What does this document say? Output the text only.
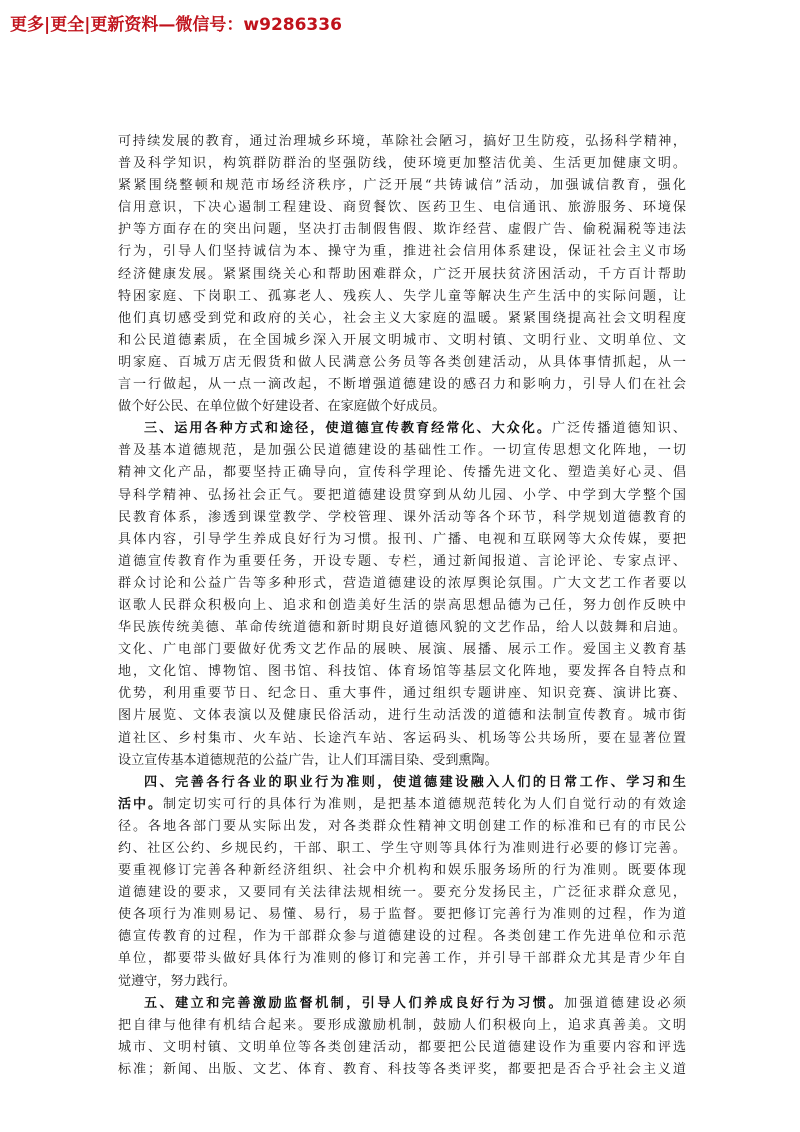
更多|更全|更新资料—微信号：w9286336
可持续发展的教育，通过治理城乡环境，革除社会陋习，搞好卫生防疫，弘扬科学精神，
普及科学知识，构筑群防群治的坚强防线，使环境更加整洁优美、生活更加健康文明。
紧紧围绕整顿和规范市场经济秩序，广泛开展“共铸诚信”活动，加强诚信教育，强化
信用意识，下决心遏制工程建设、商贸餐饮、医药卫生、电信通讯、旅游服务、环境保
护等方面存在的突出问题，坚决打击制假售假、欺诈经营、虚假广告、偷税漏税等违法
行为，引导人们坚持诚信为本、操守为重，推进社会信用体系建设，保证社会主义市场
经济健康发展。紧紧围绕关心和帮助困难群众，广泛开展扶贫济困活动，千方百计帮助
特困家庭、下岗职工、孤寡老人、残疾人、失学儿童等解决生产生活中的实际问题，让
他们真切感受到党和政府的关心，社会主义大家庭的温暖。紧紧围绕提高社会文明程度
和公民道德素质，在全国城乡深入开展文明城市、文明村镇、文明行业、文明单位、文
明家庭、百城万店无假货和做人民满意公务员等各类创建活动，从具体事情抓起，从一
言一行做起，从一点一滴改起，不断增强道德建设的感召力和影响力，引导人们在社会
做个好公民、在单位做个好建设者、在家庭做个好成员。
三、运用各种方式和途径，使道德宣传教育经常化、大众化。广泛传播道德知识、
普及基本道德规范，是加强公民道德建设的基础性工作。一切宣传思想文化阵地，一切
精神文化产品，都要坚持正确导向，宣传科学理论、传播先进文化、塑造美好心灵、倡
导科学精神、弘扬社会正气。要把道德建设贯穿到从幼儿园、小学、中学到大学整个国
民教育体系，渗透到课堂教学、学校管理、课外活动等各个环节，科学规划道德教育的
具体内容，引导学生养成良好行为习惯。报刊、广播、电视和互联网等大众传媒，要把
道德宣传教育作为重要任务，开设专题、专栏，通过新闻报道、言论评论、专家点评、
群众讨论和公益广告等多种形式，营造道德建设的浓厚舆论氛围。广大文艺工作者要以
讴歌人民群众积极向上、追求和创造美好生活的崇高思想品德为己任，努力创作反映中
华民族传统美德、革命传统道德和新时期良好道德风貌的文艺作品，给人以鼓舞和启迪。
文化、广电部门要做好优秀文艺作品的展映、展演、展播、展示工作。爱国主义教育基
地，文化馆、博物馆、图书馆、科技馆、体育场馆等基层文化阵地，要发挥各自特点和
优势，利用重要节日、纪念日、重大事件，通过组织专题讲座、知识竞赛、演讲比赛、
图片展览、文体表演以及健康民俗活动，进行生动活泼的道德和法制宣传教育。城市街
道社区、乡村集市、火车站、长途汽车站、客运码头、机场等公共场所，要在显著位置
设立宣传基本道德规范的公益广告，让人们耳濡目染、受到熏陶。
四、完善各行各业的职业行为准则，使道德建设融入人们的日常工作、学习和生
活中。制定切实可行的具体行为准则，是把基本道德规范转化为人们自觉行动的有效途
径。各地各部门要从实际出发，对各类群众性精神文明创建工作的标准和已有的市民公
约、社区公约、乡规民约，干部、职工、学生守则等具体行为准则进行必要的修订完善。
要重视修订完善各种新经济组织、社会中介机构和娱乐服务场所的行为准则。既要体现
道德建设的要求，又要同有关法律法规相统一。要充分发扬民主，广泛征求群众意见，
使各项行为准则易记、易懂、易行，易于监督。要把修订完善行为准则的过程，作为道
德宣传教育的过程，作为干部群众参与道德建设的过程。各类创建工作先进单位和示范
单位，都要带头做好具体行为准则的修订和完善工作，并引导干部群众尤其是青少年自
觉遵守，努力践行。
五、建立和完善激励监督机制，引导人们养成良好行为习惯。加强道德建设必须
把自律与他律有机结合起来。要形成激励机制，鼓励人们积极向上，追求真善美。文明
城市、文明村镇、文明单位等各类创建活动，都要把公民道德建设作为重要内容和评选
标准；新闻、出版、文艺、体育、教育、科技等各类评奖，都要把是否合乎社会主义道
